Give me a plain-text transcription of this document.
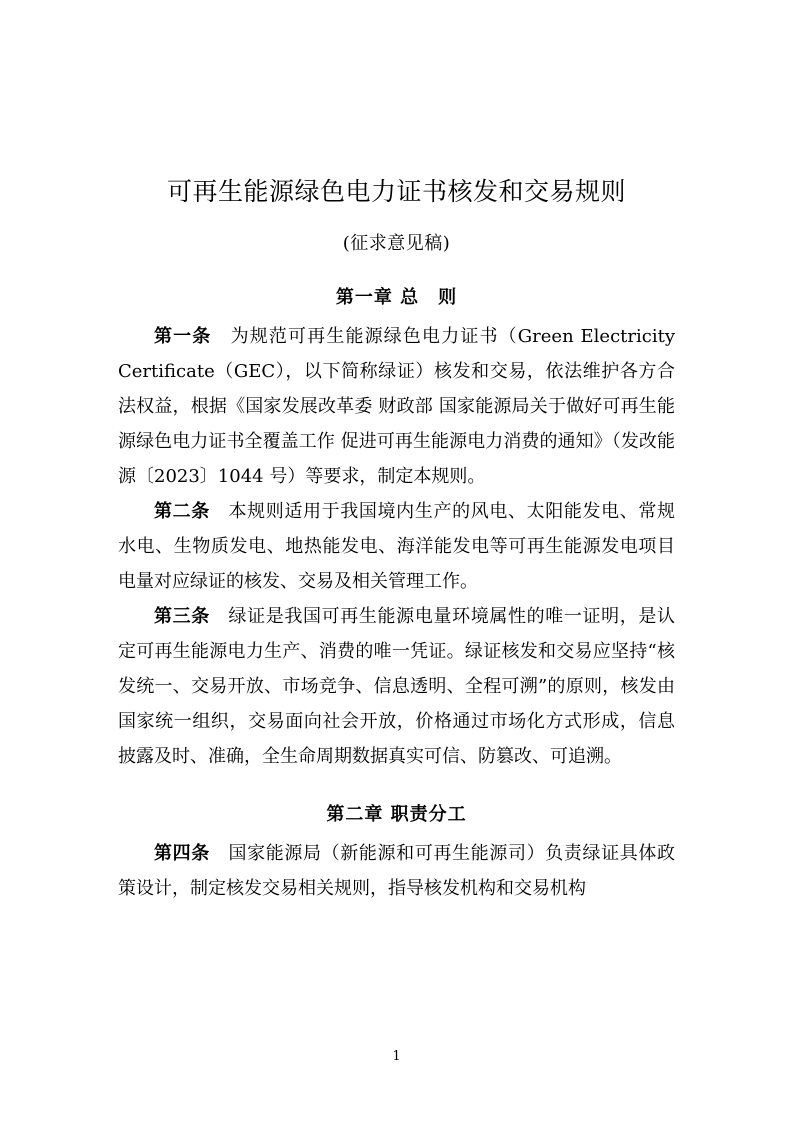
可再生能源绿色电力证书核发和交易规则
(征求意见稿)
第一章 总　则

第一条　为规范可再生能源绿色电力证书（Green Electricity Certificate（GEC），以下简称绿证）核发和交易，依法维护各方合法权益，根据《国家发展改革委 财政部 国家能源局关于做好可再生能源绿色电力证书全覆盖工作 促进可再生能源电力消费的通知》（发改能源〔2023〕1044 号）等要求，制定本规则。

第二条　本规则适用于我国境内生产的风电、太阳能发电、常规水电、生物质发电、地热能发电、海洋能发电等可再生能源发电项目电量对应绿证的核发、交易及相关管理工作。

第三条　绿证是我国可再生能源电量环境属性的唯一证明，是认定可再生能源电力生产、消费的唯一凭证。绿证核发和交易应坚持“核发统一、交易开放、市场竞争、信息透明、全程可溯”的原则，核发由国家统一组织，交易面向社会开放，价格通过市场化方式形成，信息披露及时、准确，全生命周期数据真实可信、防篡改、可追溯。

第二章 职责分工

第四条　国家能源局（新能源和可再生能源司）负责绿证具体政策设计，制定核发交易相关规则，指导核发机构和交易机构

1
